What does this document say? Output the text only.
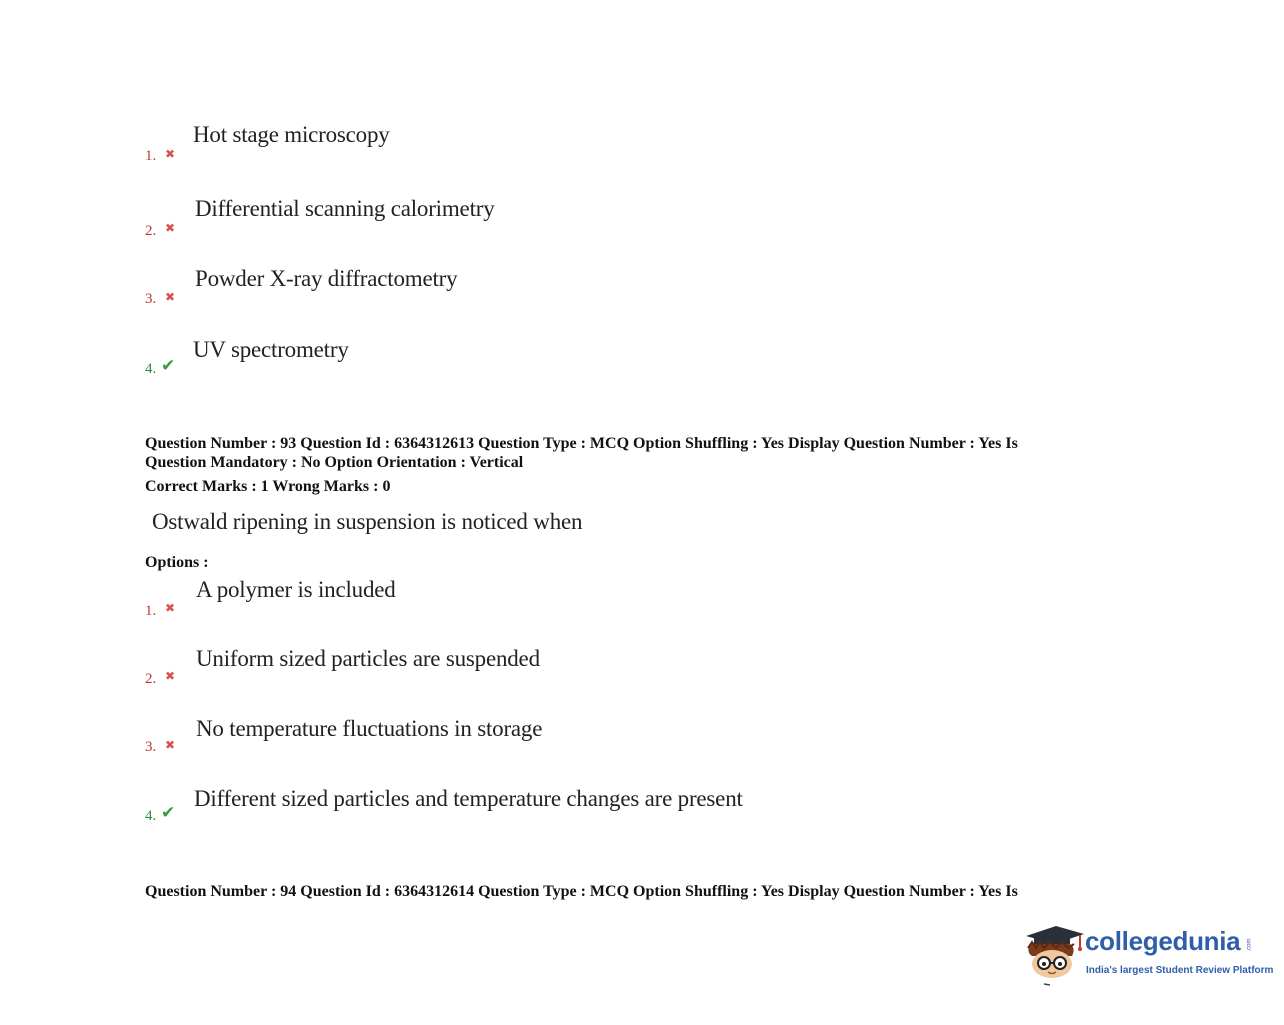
1. ✖
Hot stage microscopy
2. ✖
Differential scanning calorimetry
3. ✖
Powder X-ray diffractometry
4. ✔
UV spectrometry
Question Number : 93 Question Id : 6364312613 Question Type : MCQ Option Shuffling : Yes Display Question Number : Yes Is
Question Mandatory : No Option Orientation : Vertical
Correct Marks : 1 Wrong Marks : 0
Ostwald ripening in suspension is noticed when
Options :
1. ✖
A polymer is included
2. ✖
Uniform sized particles are suspended
3. ✖
No temperature fluctuations in storage
4. ✔
Different sized particles and temperature changes are present
Question Number : 94 Question Id : 6364312614 Question Type : MCQ Option Shuffling : Yes Display Question Number : Yes Is
collegedunia .com
India's largest Student Review Platform
